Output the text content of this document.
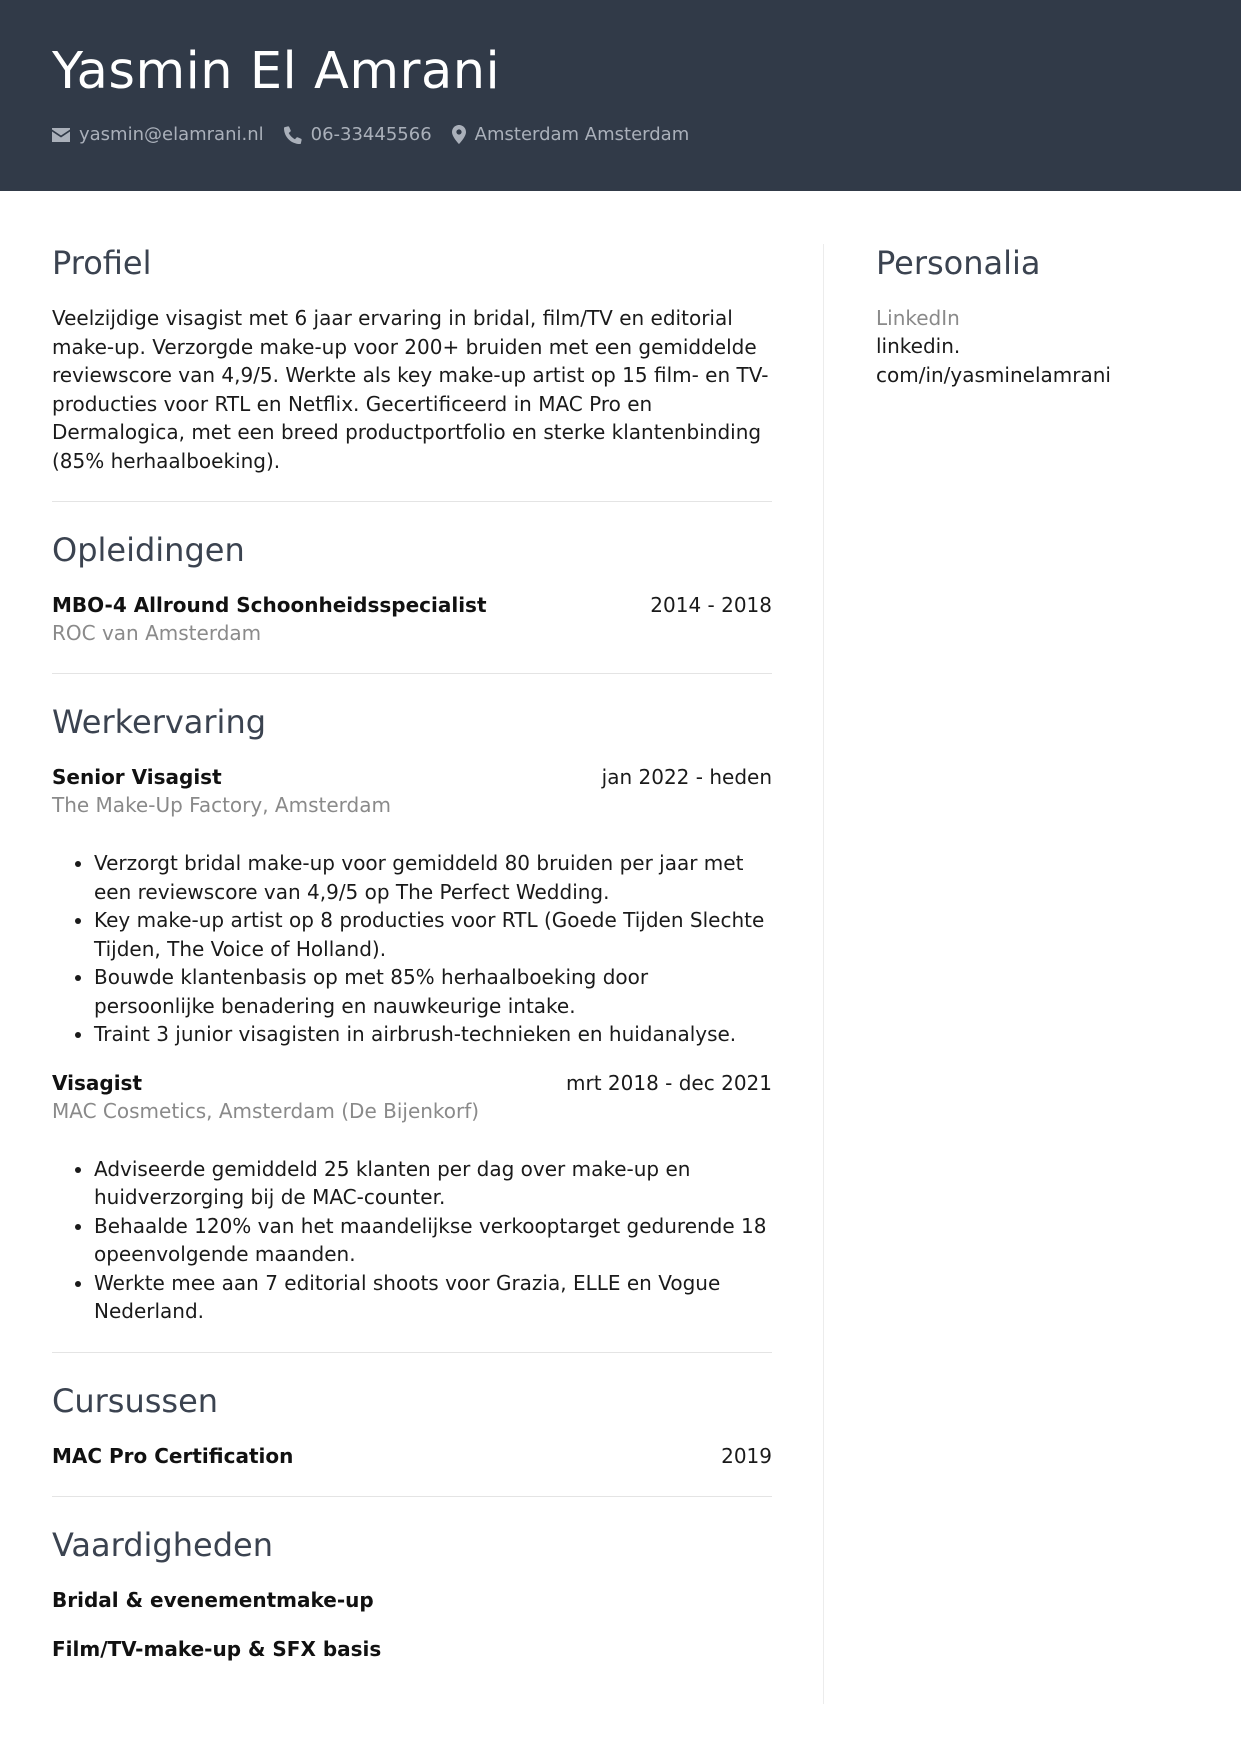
Yasmin El Amrani
yasmin@elamrani.nl	06-33445566 Amsterdam Amsterdam
Profiel

Veelzijdige visagist met 6 jaar ervaring in bridal, film/TV en editorial make-up. Verzorgde make-up voor 200+ bruiden met een gemiddelde reviewscore van 4,9/5. Werkte als key make-up artist op 15 film- en TV-producties voor RTL en Netflix. Gecertificeerd in MAC Pro en Dermalogica, met een breed productportfolio en sterke klantenbinding (85% herhaalboeking).

Opleidingen
MBO-4 Allround Schoonheidsspecialist	2014 - 2018
ROC van Amsterdam
Werkervaring
Senior Visagist	jan 2022 - heden
The Make-Up Factory, Amsterdam
• Verzorgt bridal make-up voor gemiddeld 80 bruiden per jaar met een reviewscore van 4,9/5 op The Perfect Wedding.
• Key make-up artist op 8 producties voor RTL (Goede Tijden Slechte Tijden, The Voice of Holland).
• Bouwde klantenbasis op met 85% herhaalboeking door persoonlijke benadering en nauwkeurige intake.
• Traint 3 junior visagisten in airbrush-technieken en huidanalyse.
Visagist	mrt 2018 - dec 2021
MAC Cosmetics, Amsterdam (De Bijenkorf)
• Adviseerde gemiddeld 25 klanten per dag over make-up en huidverzorging bij de MAC-counter.
• Behaalde 120% van het maandelijkse verkooptarget gedurende 18 opeenvolgende maanden.
• Werkte mee aan 7 editorial shoots voor Grazia, ELLE en Vogue Nederland.
Cursussen
MAC Pro Certification	2019
Vaardigheden
Bridal & evenementmake-up
Film/TV-make-up & SFX basis
Personalia
LinkedIn
linkedin.
com/in/yasminelamrani
